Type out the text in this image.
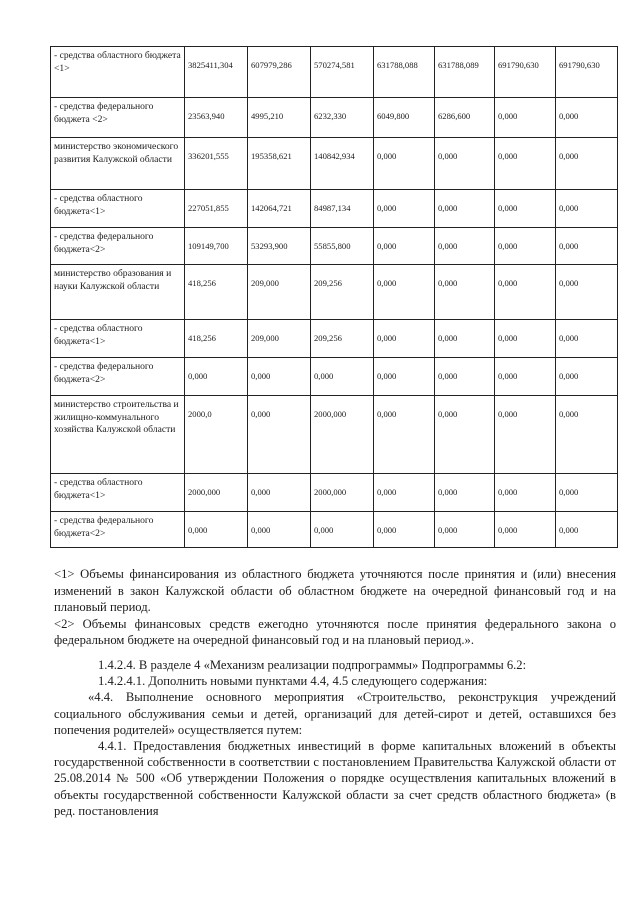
- средства областного бюджета <1>	3825411,304	607979,286	570274,581	631788,088	631788,089	691790,630	691790,630
- средства федерального бюджета <2>	23563,940	4995,210	6232,330	6049,800	6286,600	0,000	0,000
министерство экономического развития Калужской области	336201,555	195358,621	140842,934	0,000	0,000	0,000	0,000
- средства областного бюджета<1>	227051,855	142064,721	84987,134	0,000	0,000	0,000	0,000
- средства федерального бюджета<2>	109149,700	53293,900	55855,800	0,000	0,000	0,000	0,000
министерство образования и науки Калужской области	418,256	209,000	209,256	0,000	0,000	0,000	0,000
- средства областного бюджета<1>	418,256	209,000	209,256	0,000	0,000	0,000	0,000
- средства федерального бюджета<2>	0,000	0,000	0,000	0,000	0,000	0,000	0,000
министерство строительства и жилищно-коммунального хозяйства Калужской области	2000,0	0,000	2000,000	0,000	0,000	0,000	0,000
- средства областного бюджета<1>	2000,000	0,000	2000,000	0,000	0,000	0,000	0,000
- средства федерального бюджета<2>	0,000	0,000	0,000	0,000	0,000	0,000	0,000

<1> Объемы финансирования из областного бюджета уточняются после принятия и (или) внесения изменений в закон Калужской области об областном бюджете на очередной финансовый год и на плановый период.

<2> Объемы финансовых средств ежегодно уточняются после принятия федерального закона о федеральном бюджете на очередной финансовый год и на плановый период.».

1.4.2.4. В разделе 4 «Механизм реализации подпрограммы» Подпрограммы 6.2:

1.4.2.4.1. Дополнить новыми пунктами 4.4, 4.5 следующего содержания:

«4.4. Выполнение основного мероприятия «Строительство, реконструкция учреждений социального обслуживания семьи и детей, организаций для детей-сирот и детей, оставшихся без попечения родителей» осуществляется путем:

4.4.1. Предоставления бюджетных инвестиций в форме капитальных вложений в объекты государственной собственности в соответствии с постановлением Правительства Калужской области от 25.08.2014 № 500 «Об утверждении Положения о порядке осуществления капитальных вложений в объекты государственной собственности Калужской области за счет средств областного бюджета» (в ред. постановления
